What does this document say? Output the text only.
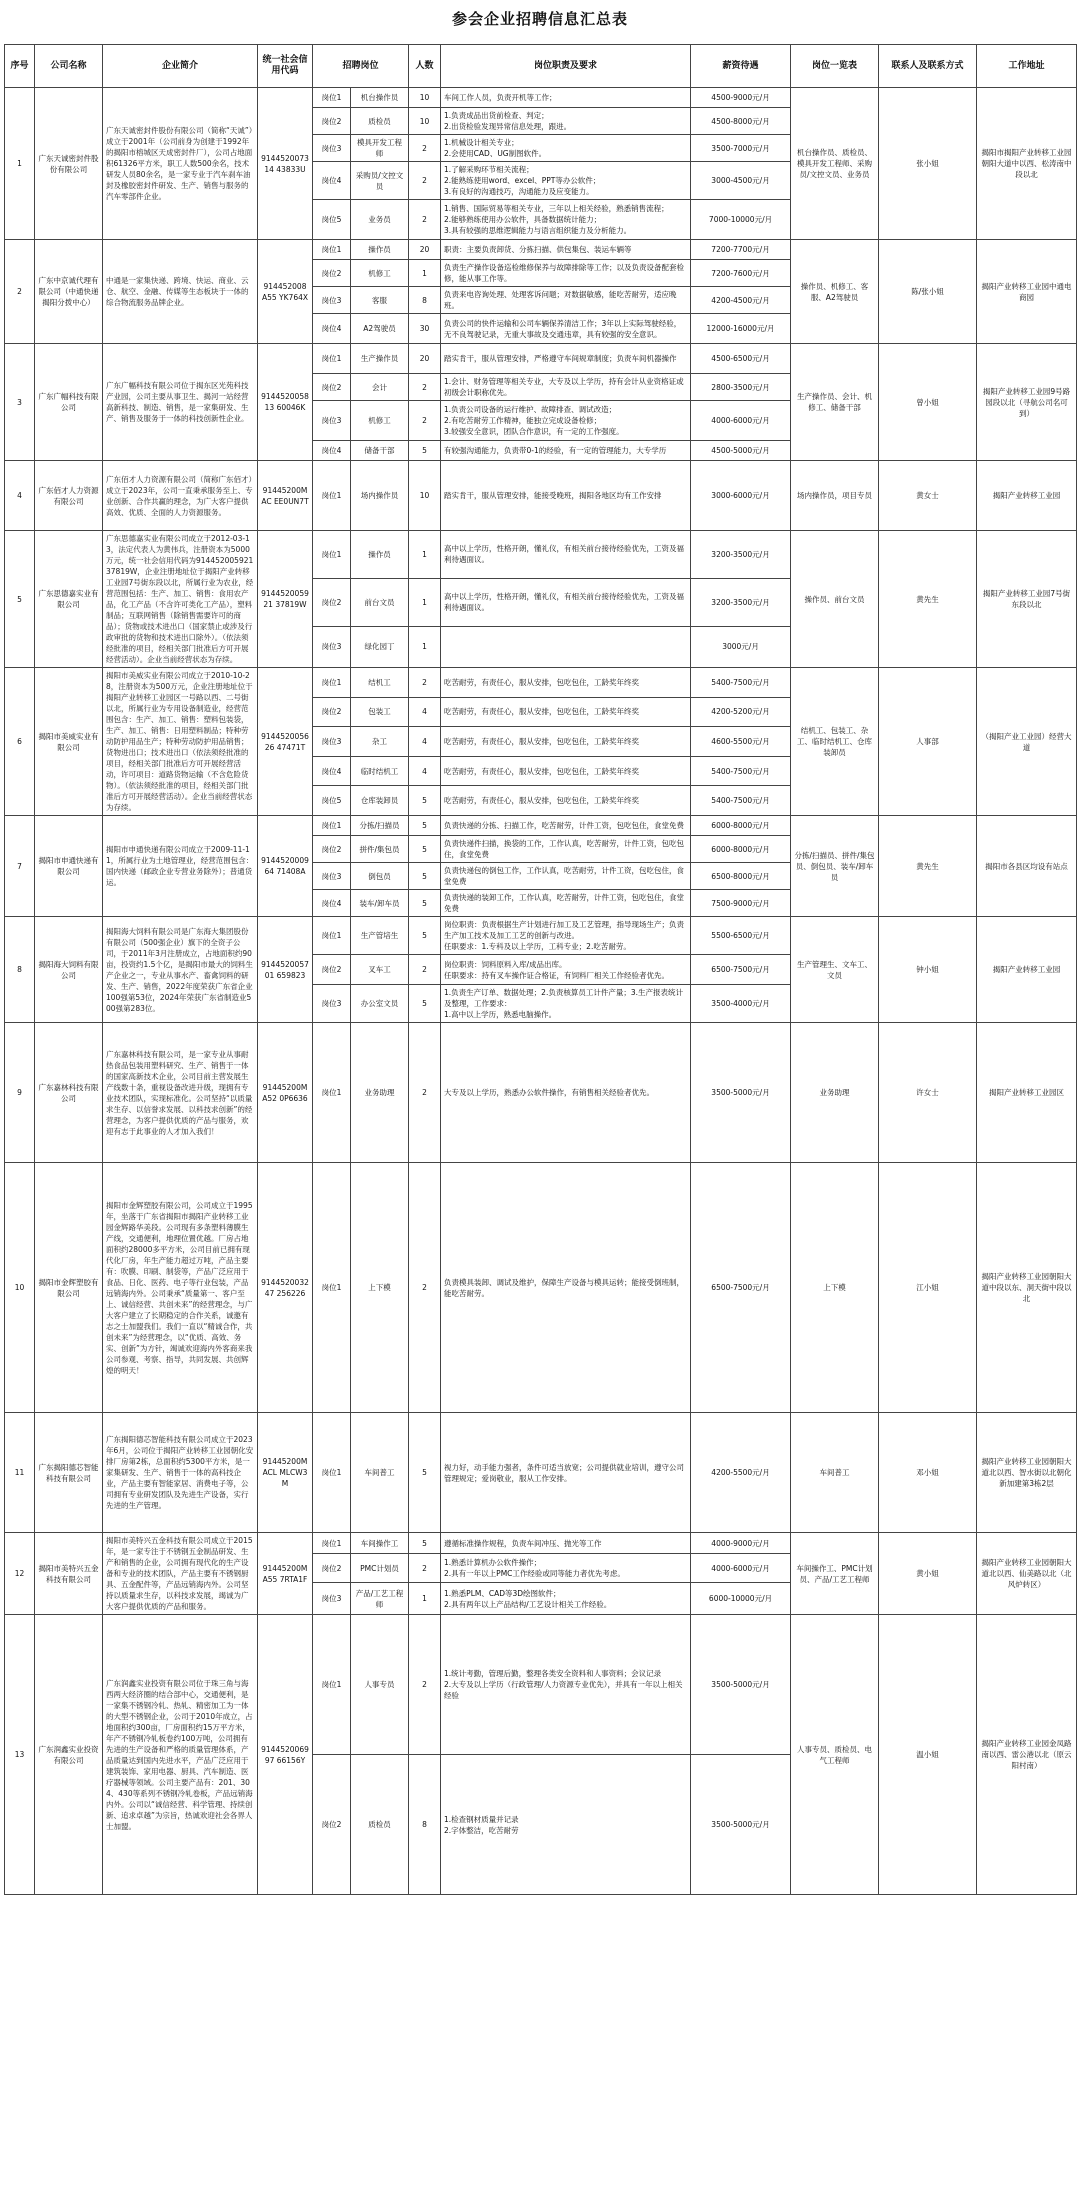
参会企业招聘信息汇总表
序号	公司名称	企业简介	统一社会信用代码	招聘岗位		人数	岗位职责及要求	薪资待遇	岗位一览表	联系人及联系方式	工作地址
1	广东天诚密封件股份有限公司	广东天诚密封件股份有限公司（简称“天诚”）成立于2001年（公司前身为创建于1992年的揭阳市榕城区天成密封件厂），公司占地面积61326平方米，职工人数500余名，技术研发人员80余名，是一家专业于汽车刹车油封及橡胶密封件研发、生产、销售与服务的汽车零部件企业。	914452007314 43833U	岗位1	机台操作员	10	车间工作人员，负责开机等工作；	4500-9000元/月	机台操作员、质检员、模具开发工程师、采购员/文控文员、业务员	张小姐	揭阳市揭阳产业转移工业园朝阳大道中以西、松涛南中段以北
				岗位2	质检员	10	1.负责成品出货前检查、判定；
2.出货检验发现异常信息处理，跟进。	4500-8000元/月			
				岗位3	模具开发工程师	2	1.机械设计相关专业；
2.会使用CAD、UG制图软件。	3500-7000元/月			
				岗位4	采购员/文控文员	2	1.了解采购环节相关流程；
2.能熟练使用word、excel、PPT等办公软件；
3.有良好的沟通技巧，沟通能力及应变能力。	3000-4500元/月			
				岗位5	业务员	2	1.销售、国际贸易等相关专业，三年以上相关经验，熟悉销售流程；
2.能够熟练使用办公软件，具备数据统计能力；
3.具有较强的思维逻辑能力与语言组织能力及分析能力。	7000-10000元/月			
2	广东中京诚代理有限公司（中通快递揭阳分拨中心）	中通是一家集快递、跨境、快运、商业、云仓、航空、金融、传媒等生态板块于一体的综合物流服务品牌企业。	914452008A55 YK764X	岗位1	操作员	20	职责：主要负责卸货、分拣扫描、供包集包、装运车辆等	7200-7700元/月	操作员、机修工、客服、A2驾驶员	陈/张小姐	揭阳产业转移工业园中通电商园
				岗位2	机修工	1	负责生产操作设备巡检维修保养与故障排除等工作；以及负责设备配套检修，能从事工作等。	7200-7600元/月			
				岗位3	客服	8	负责来电咨询处理、处理客诉问题；对数据敏感，能吃苦耐劳，适应晚班。	4200-4500元/月			
				岗位4	A2驾驶员	30	负责公司的快件运输和公司车辆保养清洁工作；3年以上实际驾驶经验，无不良驾驶记录，无重大事故及交通违章，具有较强的安全意识。	12000-16000元/月			
3	广东广幅科技有限公司	广东广幅科技有限公司位于揭东区光苑科技产业园，公司主要从事卫生、揭河一站经营高新科技、制造、销售，是一家集研发、生产、销售及服务于一体的科技创新性企业。	914452005813 60046K	岗位1	生产操作员	20	踏实肯干，服从管理安排，严格遵守车间规章制度；负责车间机器操作	4500-6500元/月	生产操作员、会计、机修工、储备干部	曾小姐	揭阳产业转移工业园9号路园段以北（寻航公司名可到）
				岗位2	会计	2	1.会计、财务管理等相关专业，大专及以上学历，持有会计从业资格证或初级会计职称优先。	2800-3500元/月			
				岗位3	机修工	2	1.负责公司设备的运行维护、故障排查、调试改造；
2.有吃苦耐劳工作精神，能独立完成设备检修；
3.较强安全意识，团队合作意识，有一定的工作强度。	4000-6000元/月			
				岗位4	储备干部	5	有较强沟通能力，负责带0-1的经验，有一定的管理能力，大专学历	4500-5000元/月			
4	广东佰才人力资源有限公司	广东佰才人力资源有限公司（简称广东佰才）成立于2023年，公司一直秉承服务至上、专业创新、合作共赢的理念，为广大客户提供高效、优质、全面的人力资源服务。	91445200MAC EE0UN7T	岗位1	场内操作员	10	踏实肯干，服从管理安排，能接受晚班，揭阳各地区均有工作安排	3000-6000元/月	场内操作员，项目专员	黄女士	揭阳产业转移工业园
5	广东思德嘉实业有限公司	广东思德嘉实业有限公司成立于2012-03-13，法定代表人为黄伟兵，注册资本为5000万元，统一社会信用代码为91445200592137819W，企业注册地址位于揭阳产业转移工业园7号街东段以北，所属行业为农业，经营范围包括：生产、加工、销售：食用农产品，化工产品（不含许可类化工产品），塑料制品；互联网销售（除销售需要许可的商品）；货物或技术进出口（国家禁止或涉及行政审批的货物和技术进出口除外）。（依法须经批准的项目，经相关部门批准后方可开展经营活动）。企业当前经营状态为存续。	914452005921 37819W	岗位1	操作员	1	高中以上学历，性格开朗，懂礼仪，有相关前台接待经验优先，工资及福利待遇面议。	3200-3500元/月	操作员、前台文员	黄先生	揭阳产业转移工业园7号街东段以北
				岗位2	前台文员	1	高中以上学历，性格开朗，懂礼仪，有相关前台接待经验优先，工资及福利待遇面议。	3200-3500元/月			
				岗位3	绿化园丁	1		3000元/月			
6	揭阳市美威实业有限公司	揭阳市美威实业有限公司成立于2010-10-28，注册资本为500万元，企业注册地址位于揭阳产业转移工业园区一号路以西、二号街以北，所属行业为专用设备制造业，经营范围包含：生产、加工、销售：塑料包装袋，生产、加工、销售：日用塑料制品；特种劳动防护用品生产；特种劳动防护用品销售；货物进出口；技术进出口（依法须经批准的项目，经相关部门批准后方可开展经营活动，许可项目：道路货物运输（不含危险货物）。（依法须经批准的项目，经相关部门批准后方可开展经营活动）。企业当前经营状态为存续。	914452005626 47471T	岗位1	结机工	2	吃苦耐劳，有责任心，服从安排，包吃包住，工龄奖年终奖	5400-7500元/月	结机工、包装工、杂工、临时结机工、仓库装卸员	人事部	（揭阳产业工业园）经营大道
				岗位2	包装工	4	吃苦耐劳，有责任心，服从安排，包吃包住，工龄奖年终奖	4200-5200元/月			
				岗位3	杂工	4	吃苦耐劳，有责任心，服从安排，包吃包住，工龄奖年终奖	4600-5500元/月			
				岗位4	临时结机工	4	吃苦耐劳，有责任心，服从安排，包吃包住，工龄奖年终奖	5400-7500元/月			
				岗位5	仓库装卸员	5	吃苦耐劳，有责任心，服从安排，包吃包住，工龄奖年终奖	5400-7500元/月			
7	揭阳市申通快递有限公司	揭阳市申通快递有限公司成立于2009-11-11，所属行业为土地管理业，经营范围包含：国内快递（邮政企业专营业务除外）；普通货运。	914452000964 71408A	岗位1	分拣/扫描员	5	负责快递的分拣、扫描工作，吃苦耐劳，计件工资，包吃包住，食堂免费	6000-8000元/月	分拣/扫描员、拼件/集包员、倒包员、装车/卸车员	黄先生	揭阳市各县区均设有站点
				岗位2	拼件/集包员	5	负责快递件扫描，换袋的工作，工作认真，吃苦耐劳，计件工资，包吃包住，食堂免费	6000-8000元/月			
				岗位3	倒包员	5	负责快递包的倒包工作，工作认真，吃苦耐劳，计件工资，包吃包住，食堂免费	6500-8000元/月			
				岗位4	装车/卸车员	5	负责快递的装卸工作，工作认真，吃苦耐劳，计件工资，包吃包住，食堂免费	7500-9000元/月			
8	揭阳海大饲料有限公司	揭阳海大饲料有限公司是广东海大集团股份有限公司（500强企业）旗下的全资子公司，于2011年3月注册成立，占地面积约90亩，投资约1.5个亿，是揭阳市最大的饲料生产企业之一，专业从事水产、畜禽饲料的研发、生产、销售，2022年度荣获广东省企业100强第53位，2024年荣获广东省制造业500强第283位。	914452005701 659823	岗位1	生产管培生	5	岗位职责：负责根据生产计划进行加工及工艺管理，指导现场生产；负责生产加工技术及加工工艺的创新与改进。
任职要求：1.专科及以上学历，工科专业；2.吃苦耐劳。	5500-6500元/月	生产管理生、文车工、文员	钟小姐	揭阳产业转移工业园
				岗位2	叉车工	2	岗位职责：饲料原料入库/成品出库。
任职要求：持有叉车操作证合格证，有饲料厂相关工作经验者优先。	6500-7500元/月			
				岗位3	办公室文员	5	1.负责生产订单、数据处理；2.负责核算员工计件产量；3.生产报表统计及整理，工作要求：
1.高中以上学历，熟悉电脑操作。	3500-4000元/月			
9	广东嘉林科技有限公司	广东嘉林科技有限公司，是一家专业从事耐热食品包装用塑料研究、生产、销售于一体的国家高新技术企业，公司目前主营发展生产线数十条，重视设备改进升级，现拥有专业技术团队，实现标准化。公司坚持“以质量求生存、以信誉求发展、以科技求创新”的经营理念，为客户提供优质的产品与服务，欢迎有志于此事业的人才加入我们！	91445200MA52 0P6636	岗位1	业务助理	2	大专及以上学历，熟悉办公软件操作，有销售相关经验者优先。	3500-5000元/月	业务助理	许女士	揭阳产业转移工业园区
10	揭阳市金辉塑胶有限公司	揭阳市金辉塑胶有限公司，公司成立于1995年，坐落于广东省揭阳市揭阳产业转移工业园金辉路华美段。公司现有多条塑料薄膜生产线，交通便利，地理位置优越。厂房占地面积约28000多平方米，公司目前已拥有现代化厂房，年生产能力超过万吨，产品主要有：吹膜、印刷、制袋等，产品广泛应用于食品、日化、医药、电子等行业包装，产品远销海内外。公司秉承“质量第一、客户至上、诚信经营、共创未来”的经营理念，与广大客户建立了长期稳定的合作关系，诚邀有志之士加盟我们。我们一直以“精诚合作，共创未来”为经营理念，以“优质、高效、务实、创新”为方针，竭诚欢迎海内外客商来我公司参观、考察、指导，共同发展、共创辉煌的明天！	914452003247 256226	岗位1	上下模	2	负责模具装卸、调试及维护，保障生产设备与模具运转；能接受倒班制，能吃苦耐劳。	6500-7500元/月	上下模	江小姐	揭阳产业转移工业园朝阳大道中段以东、洞天街中段以北
11	广东揭阳德芯智能科技有限公司	广东揭阳德芯智能科技有限公司成立于2023年6月，公司位于揭阳产业转移工业园朝化安排厂房第2栋，总面积约5300平方米，是一家集研发、生产、销售于一体的高科技企业，产品主要有智能家居、消费电子等，公司拥有专业研发团队及先进生产设备，实行先进的生产管理。	91445200MACL MLCW3M	岗位1	车间普工	5	视力好，动手能力强者，条件可适当放宽；公司提供就业培训，遵守公司管理规定；爱岗敬业，服从工作安排。	4200-5500元/月	车间普工	邓小姐	揭阳产业转移工业园朝阳大道北以西、智水街以北朝化新加建第3栋2层
12	揭阳市美特兴五金科技有限公司	揭阳市美特兴五金科技有限公司成立于2015年，是一家专注于不锈钢五金制品研发、生产和销售的企业，公司拥有现代化的生产设备和专业的技术团队，产品主要有不锈钢厨具、五金配件等，产品远销海内外。公司坚持以质量求生存，以科技求发展，竭诚为广大客户提供优质的产品和服务。	91445200MA55 7RTA1F	岗位1	车间操作工	5	遵循标准操作规程，负责车间冲压、抛光等工作	4000-9000元/月	车间操作工、PMC计划员、产品/工艺工程师	黄小姐	揭阳产业转移工业园朝阳大道北以西、仙美路以北（北风炉转区）
				岗位2	PMC计划员	2	1.熟悉计算机办公软件操作；
2.具有一年以上PMC工作经验或同等能力者优先考虑。	4000-6000元/月			
				岗位3	产品/工艺工程师	1	1.熟悉PLM、CAD等3D绘图软件；
2.具有两年以上产品结构/工艺设计相关工作经验。	6000-10000元/月			
13	广东润鑫实业投资有限公司	广东润鑫实业投资有限公司位于珠三角与海西两大经济圈的结合部中心，交通便利，是一家集不锈钢冷轧、热轧、精密加工为一体的大型不锈钢企业，公司于2010年成立，占地面积约300亩，厂房面积约15万平方米，年产不锈钢冷轧板卷约100万吨，公司拥有先进的生产设备和严格的质量管理体系，产品质量达到国内先进水平，产品广泛应用于建筑装饰、家用电器、厨具、汽车制造、医疗器械等领域。公司主要产品有：201、304、430等系列不锈钢冷轧卷板，产品远销海内外。公司以“诚信经营、科学管理、持续创新、追求卓越”为宗旨，热诚欢迎社会各界人士加盟。	914452006997 66156Y	岗位1	人事专员	2	1.统计考勤，管理后勤，整理各类安全资料和人事资料；会议记录
2.大专及以上学历（行政管理/人力资源专业优先），并具有一年以上相关经验	3500-5000元/月	人事专员、质检员、电气工程师	温小姐	揭阳产业转移工业园金凤路南以西、雷公港以北（原云阳村南）
				岗位2	质检员	8	1.检查钢材质量并记录
2.字体整洁，吃苦耐劳	3500-5000元/月			
